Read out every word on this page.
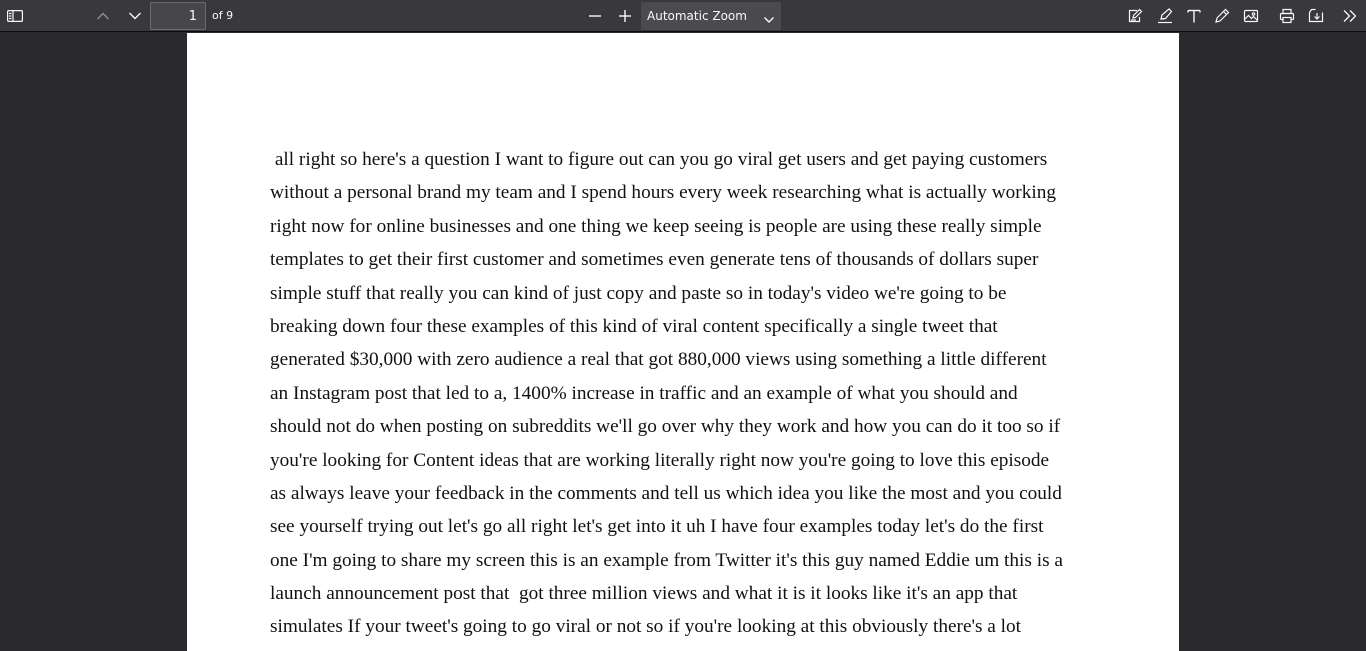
1
of 9	Automatic Zoom
all right so here's a question I want to figure out can you go viral get users and get paying customers
without a personal brand my team and I spend hours every week researching what is actually working
right now for online businesses and one thing we keep seeing is people are using these really simple
templates to get their first customer and sometimes even generate tens of thousands of dollars super
simple stuff that really you can kind of just copy and paste so in today's video we're going to be
breaking down four these examples of this kind of viral content specifically a single tweet that
generated $30,000 with zero audience a real that got 880,000 views using something a little different
an Instagram post that led to a, 1400% increase in traffic and an example of what you should and
should not do when posting on subreddits we'll go over why they work and how you can do it too so if
you're looking for Content ideas that are working literally right now you're going to love this episode
as always leave your feedback in the comments and tell us which idea you like the most and you could
see yourself trying out let's go all right let's get into it uh I have four examples today let's do the first
one I'm going to share my screen this is an example from Twitter it's this guy named Eddie um this is a
launch announcement post that  got three million views and what it is it looks like it's an app that
simulates If your tweet's going to go viral or not so if you're looking at this obviously there's a lot
